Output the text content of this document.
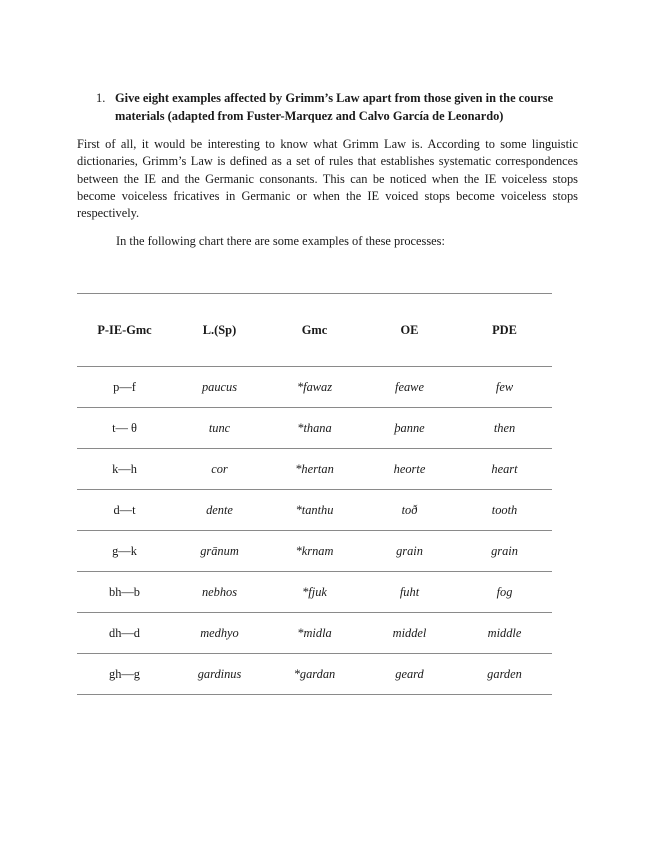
1. Give eight examples affected by Grimm’s Law apart from those given in the course materials (adapted from Fuster-Marquez and Calvo García de Leonardo)

First of all, it would be interesting to know what Grimm Law is. According to some linguistic dictionaries, Grimm’s Law is defined as a set of rules that establishes systematic correspondences between the IE and the Germanic consonants. This can be noticed when the IE voiceless stops become voiceless fricatives in Germanic or when the IE voiced stops become voiceless stops respectively.

In the following chart there are some examples of these processes:

P-IE-Gmc	L.(Sp)	Gmc	OE	PDE
p—f	paucus	*fawaz	feawe	few
t— θ	tunc	*thana	þanne	then
k—h	cor	*hertan	heorte	heart
d—t	dente	*tanthu	toð	tooth
g—k	grānum	*krnam	grain	grain
bh—b	nebhos	*fjuk	fuht	fog
dh—d	medhyo	*midla	middel	middle
gh—g	gardinus	*gardan	geard	garden
